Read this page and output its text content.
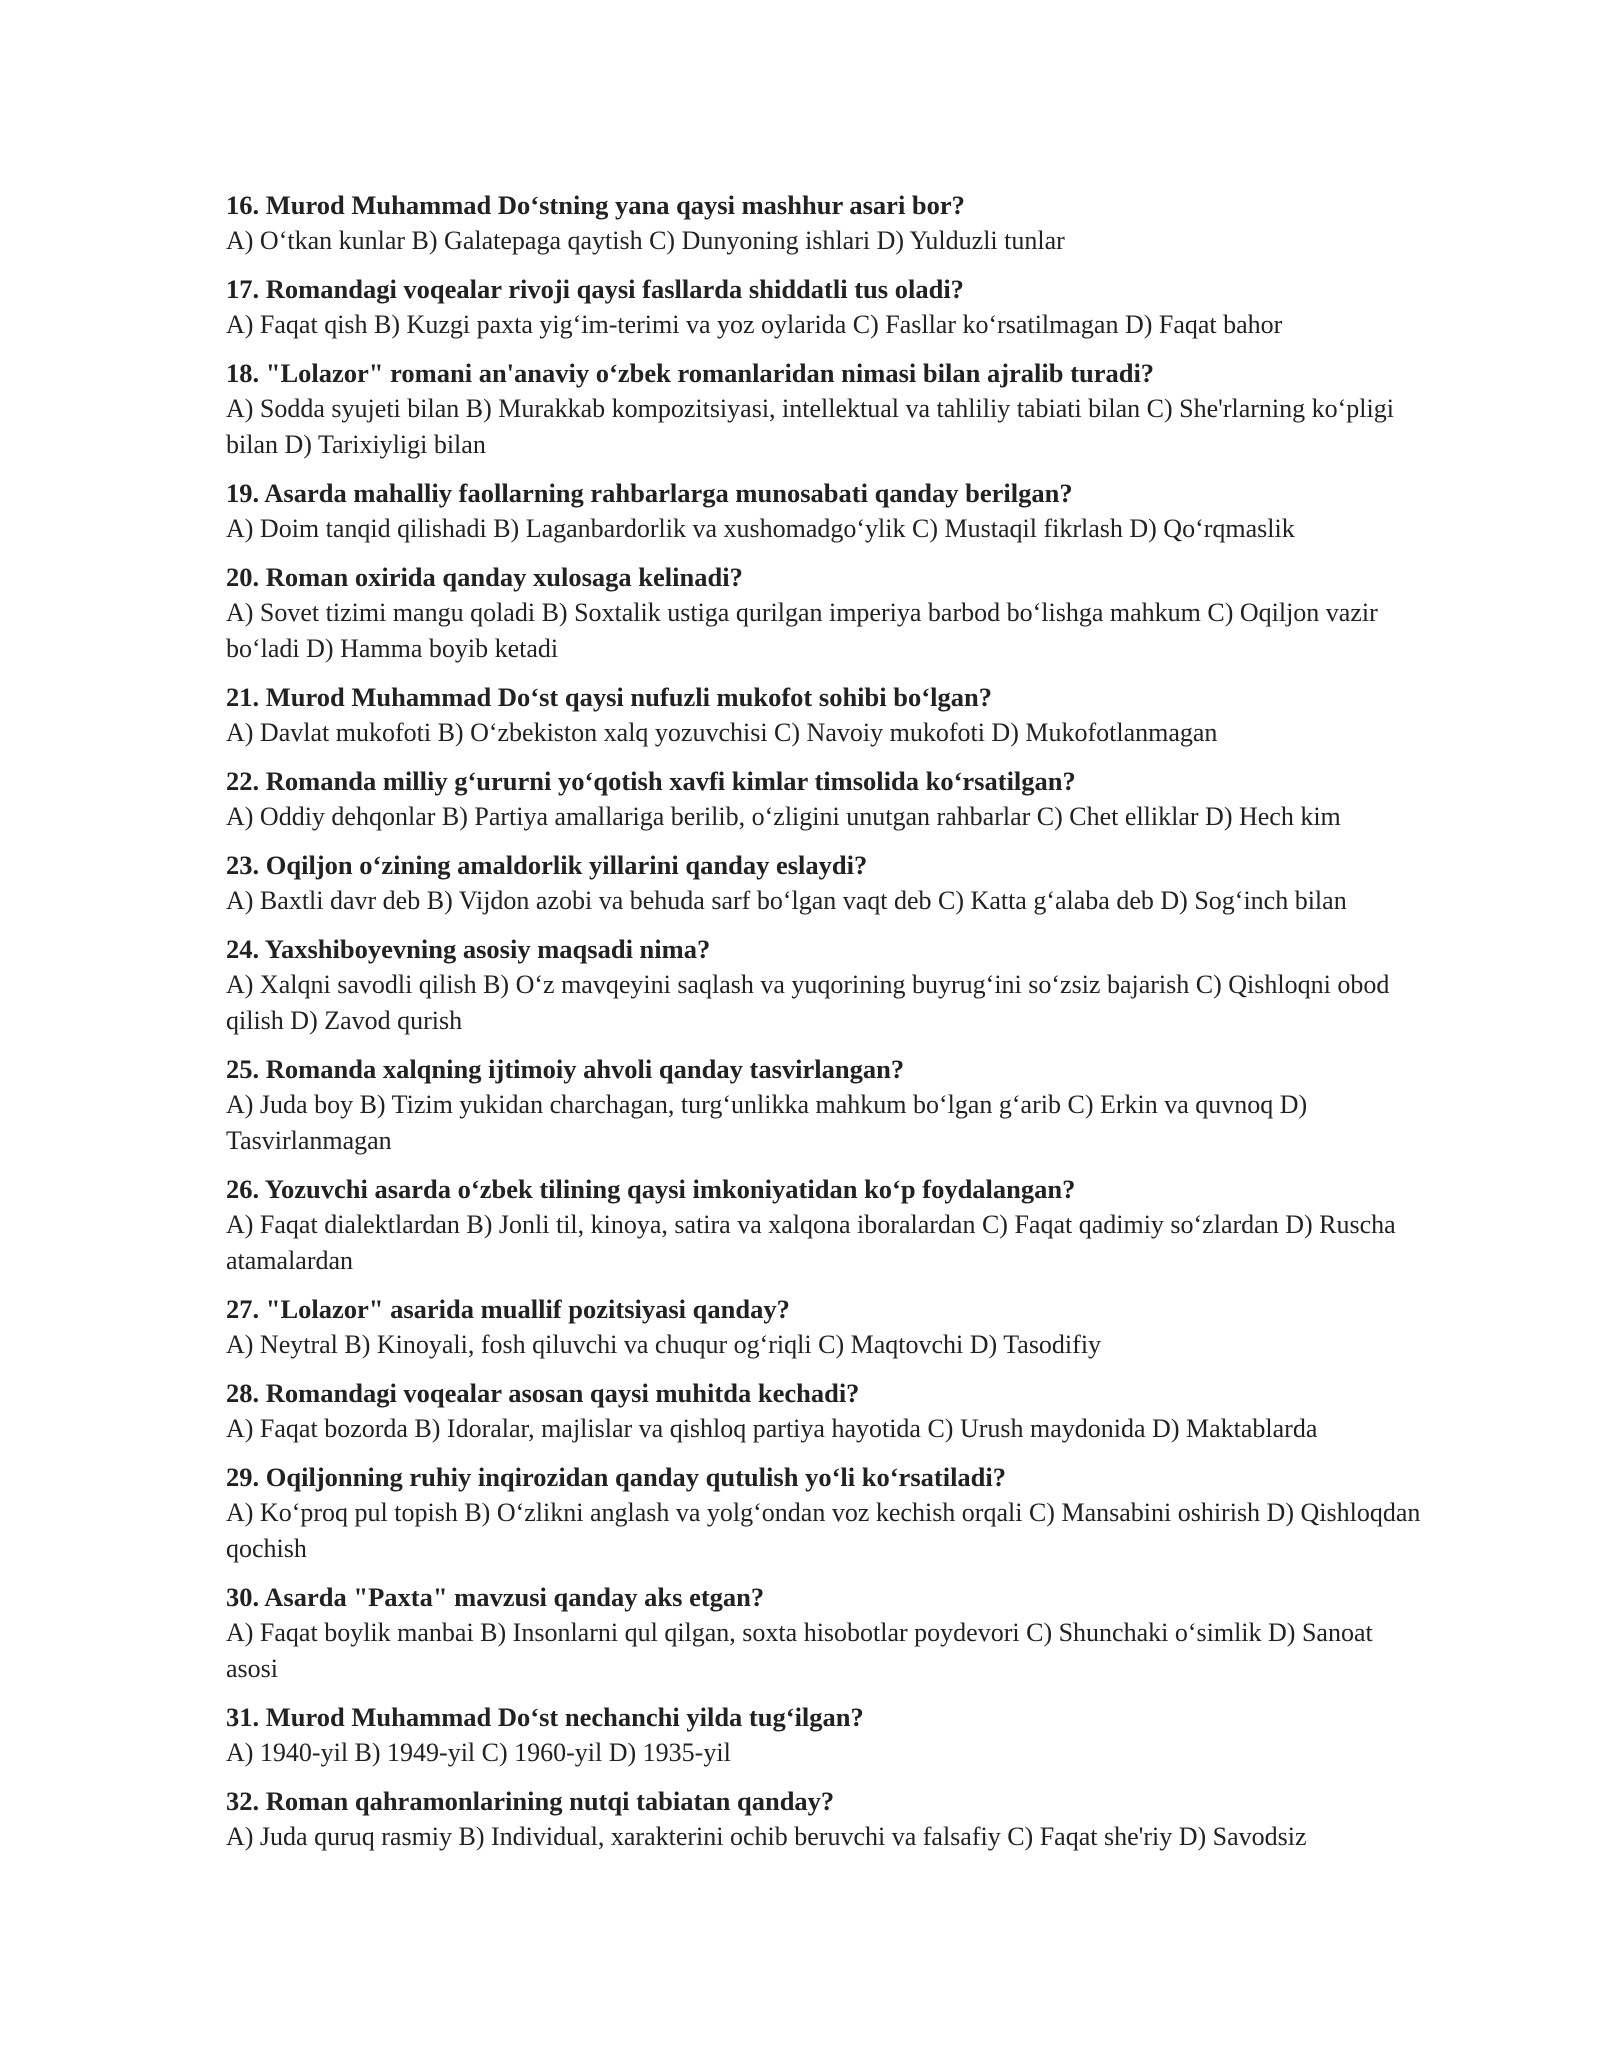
16. Murod Muhammad Do‘stning yana qaysi mashhur asari bor?

A) O‘tkan kunlar B) Galatepaga qaytish C) Dunyoning ishlari D) Yulduzli tunlar

17. Romandagi voqealar rivoji qaysi fasllarda shiddatli tus oladi?

A) Faqat qish B) Kuzgi paxta yig‘im-terimi va yoz oylarida C) Fasllar ko‘rsatilmagan D) Faqat bahor

18. "Lolazor" romani an'anaviy o‘zbek romanlaridan nimasi bilan ajralib turadi?

A) Sodda syujeti bilan B) Murakkab kompozitsiyasi, intellektual va tahliliy tabiati bilan C) She'rlarning ko‘pligi bilan D) Tarixiyligi bilan

19. Asarda mahalliy faollarning rahbarlarga munosabati qanday berilgan?

A) Doim tanqid qilishadi B) Laganbardorlik va xushomadgo‘ylik C) Mustaqil fikrlash D) Qo‘rqmaslik

20. Roman oxirida qanday xulosaga kelinadi?

A) Sovet tizimi mangu qoladi B) Soxtalik ustiga qurilgan imperiya barbod bo‘lishga mahkum C) Oqiljon vazir bo‘ladi D) Hamma boyib ketadi

21. Murod Muhammad Do‘st qaysi nufuzli mukofot sohibi bo‘lgan?

A) Davlat mukofoti B) O‘zbekiston xalq yozuvchisi C) Navoiy mukofoti D) Mukofotlanmagan

22. Romanda milliy g‘ururni yo‘qotish xavfi kimlar timsolida ko‘rsatilgan?

A) Oddiy dehqonlar B) Partiya amallariga berilib, o‘zligini unutgan rahbarlar C) Chet elliklar D) Hech kim

23. Oqiljon o‘zining amaldorlik yillarini qanday eslaydi?

A) Baxtli davr deb B) Vijdon azobi va behuda sarf bo‘lgan vaqt deb C) Katta g‘alaba deb D) Sog‘inch bilan

24. Yaxshiboyevning asosiy maqsadi nima?

A) Xalqni savodli qilish B) O‘z mavqeyini saqlash va yuqorining buyrug‘ini so‘zsiz bajarish C) Qishloqni obod qilish D) Zavod qurish

25. Romanda xalqning ijtimoiy ahvoli qanday tasvirlangan?

A) Juda boy B) Tizim yukidan charchagan, turg‘unlikka mahkum bo‘lgan g‘arib C) Erkin va quvnoq D) Tasvirlanmagan

26. Yozuvchi asarda o‘zbek tilining qaysi imkoniyatidan ko‘p foydalangan?

A) Faqat dialektlardan B) Jonli til, kinoya, satira va xalqona iboralardan C) Faqat qadimiy so‘zlardan D) Ruscha atamalardan

27. "Lolazor" asarida muallif pozitsiyasi qanday?

A) Neytral B) Kinoyali, fosh qiluvchi va chuqur og‘riqli C) Maqtovchi D) Tasodifiy

28. Romandagi voqealar asosan qaysi muhitda kechadi?

A) Faqat bozorda B) Idoralar, majlislar va qishloq partiya hayotida C) Urush maydonida D) Maktablarda

29. Oqiljonning ruhiy inqirozidan qanday qutulish yo‘li ko‘rsatiladi?

A) Ko‘proq pul topish B) O‘zlikni anglash va yolg‘ondan voz kechish orqali C) Mansabini oshirish D) Qishloqdan qochish

30. Asarda "Paxta" mavzusi qanday aks etgan?

A) Faqat boylik manbai B) Insonlarni qul qilgan, soxta hisobotlar poydevori C) Shunchaki o‘simlik D) Sanoat asosi

31. Murod Muhammad Do‘st nechanchi yilda tug‘ilgan?

A) 1940-yil B) 1949-yil C) 1960-yil D) 1935-yil

32. Roman qahramonlarining nutqi tabiatan qanday?

A) Juda quruq rasmiy B) Individual, xarakterini ochib beruvchi va falsafiy C) Faqat she'riy D) Savodsiz
